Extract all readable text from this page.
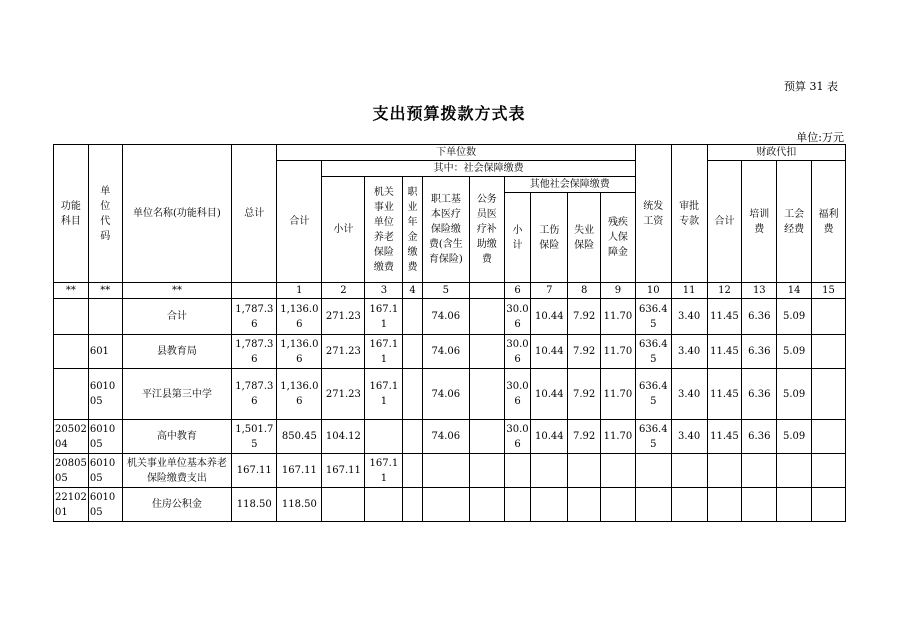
预算 31 表
支出预算拨款方式表
单位:万元
功能科目	单位代码	单位名称(功能科目)	总计	下单位数										统发工资	审批专款	财政代扣			
				合计	其中：社会保障缴费											合计	培训费	工会经费	福利费
					小计	机关事业单位养老保险缴费	职业年金缴费	职工基本医疗保险缴费(含生育保险)	公务员医疗补助缴费	其他社会保障缴费									
										小计	工伤保险	失业保险	残疾人保障金						
**	**	**		1	2	3	4	5		6	7	8	9	10	11	12	13	14	15
		合计	1,787.36	1,136.06	271.23	167.11		74.06		30.06	10.44	7.92	11.70	636.45	3.40	11.45	6.36	5.09	
	601	县教育局	1,787.36	1,136.06	271.23	167.11		74.06		30.06	10.44	7.92	11.70	636.45	3.40	11.45	6.36	5.09	
	601005	平江县第三中学	1,787.36	1,136.06	271.23	167.11		74.06		30.06	10.44	7.92	11.70	636.45	3.40	11.45	6.36	5.09	
2050204	601005	高中教育	1,501.75	850.45	104.12			74.06		30.06	10.44	7.92	11.70	636.45	3.40	11.45	6.36	5.09	
2080505	601005	机关事业单位基本养老保险缴费支出	167.11	167.11	167.11	167.11													
2210201	601005	住房公积金	118.50	118.50															
